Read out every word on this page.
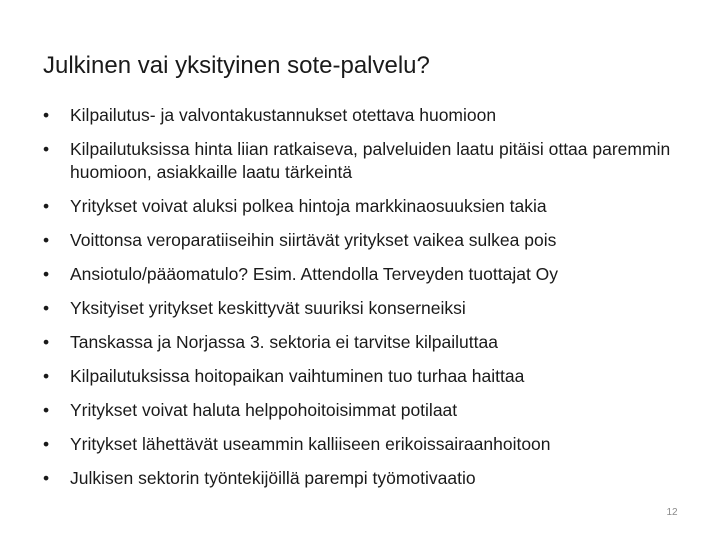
Julkinen vai yksityinen sote-palvelu?
•	Kilpailutus- ja valvontakustannukset otettava huomioon
•	Kilpailutuksissa hinta liian ratkaiseva, palveluiden laatu pitäisi ottaa paremmin huomioon, asiakkaille laatu tärkeintä
•	Yritykset voivat aluksi polkea hintoja markkinaosuuksien takia
•	Voittonsa veroparatiiseihin siirtävät yritykset vaikea sulkea pois
•	Ansiotulo/pääomatulo? Esim. Attendolla Terveyden tuottajat Oy
•	Yksityiset yritykset keskittyvät suuriksi konserneiksi
•	Tanskassa ja Norjassa 3. sektoria ei tarvitse kilpailuttaa
•	Kilpailutuksissa hoitopaikan vaihtuminen tuo turhaa haittaa
•	Yritykset voivat haluta helppohoitoisimmat potilaat
•	Yritykset lähettävät useammin kalliiseen erikoissairaanhoitoon
•	Julkisen sektorin työntekijöillä parempi työmotivaatio
12
